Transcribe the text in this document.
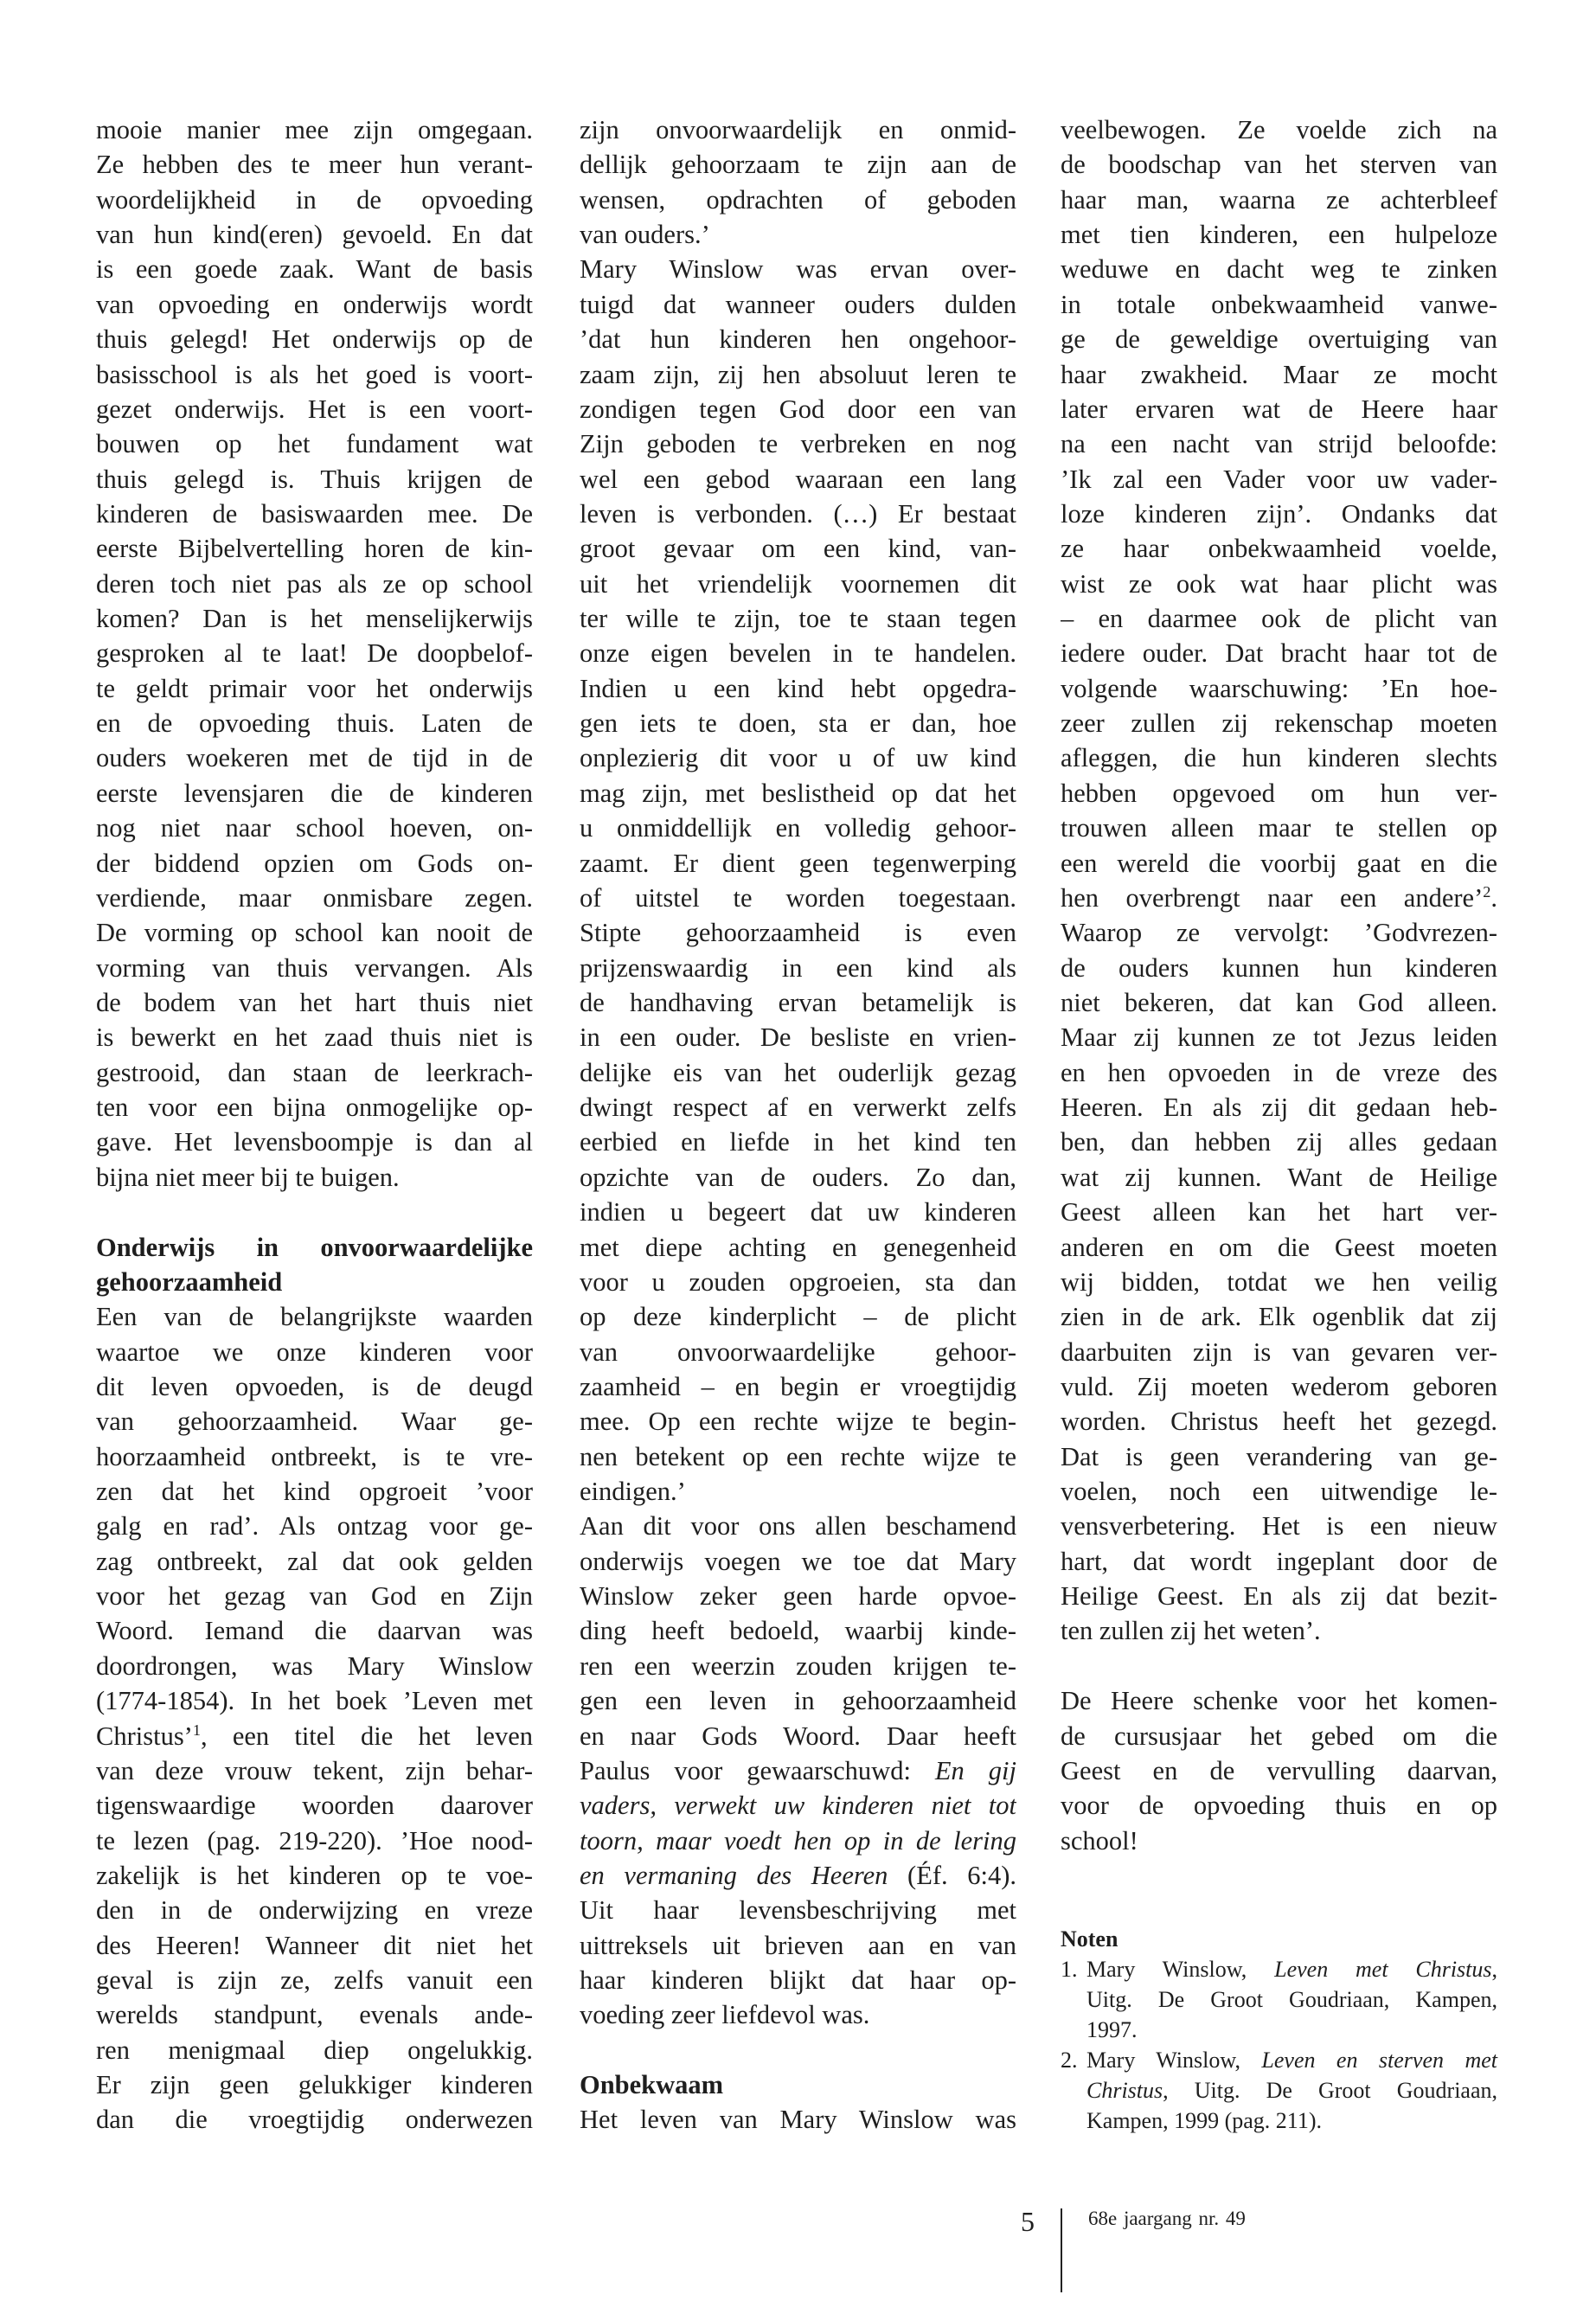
mooie manier mee zijn omgegaan.
Ze hebben des te meer hun verant-
woordelijkheid in de opvoeding
van hun kind(eren) gevoeld. En dat
is een goede zaak. Want de basis
van opvoeding en onderwijs wordt
thuis gelegd! Het onderwijs op de
basisschool is als het goed is voort-
gezet onderwijs. Het is een voort-
bouwen op het fundament wat
thuis gelegd is. Thuis krijgen de
kinderen de basiswaarden mee. De
eerste Bijbelvertelling horen de kin-
deren toch niet pas als ze op school
komen? Dan is het menselijkerwijs
gesproken al te laat! De doopbelof-
te geldt primair voor het onderwijs
en de opvoeding thuis. Laten de
ouders woekeren met de tijd in de
eerste levensjaren die de kinderen
nog niet naar school hoeven, on-
der biddend opzien om Gods on-
verdiende, maar onmisbare zegen.
De vorming op school kan nooit de
vorming van thuis vervangen. Als
de bodem van het hart thuis niet
is bewerkt en het zaad thuis niet is
gestrooid, dan staan de leerkrach-
ten voor een bijna onmogelijke op-
gave. Het levensboompje is dan al
bijna niet meer bij te buigen.
Onderwijs in onvoorwaardelijke
gehoorzaamheid
Een van de belangrijkste waarden
waartoe we onze kinderen voor
dit leven opvoeden, is de deugd
van gehoorzaamheid. Waar ge-
hoorzaamheid ontbreekt, is te vre-
zen dat het kind opgroeit ’voor
galg en rad’. Als ontzag voor ge-
zag ontbreekt, zal dat ook gelden
voor het gezag van God en Zijn
Woord. Iemand die daarvan was
doordrongen, was Mary Winslow
(1774-1854). In het boek ’Leven met
Christus’$^1$, een titel die het leven
van deze vrouw tekent, zijn behar-
tigenswaardige woorden daarover
te lezen (pag. 219-220). ’Hoe nood-
zakelijk is het kinderen op te voe-
den in de onderwijzing en vreze
des Heeren! Wanneer dit niet het
geval is zijn ze, zelfs vanuit een
werelds standpunt, evenals ande-
ren menigmaal diep ongelukkig.
Er zijn geen gelukkiger kinderen
dan die vroegtijdig onderwezen
zijn onvoorwaardelijk en onmid-
dellijk gehoorzaam te zijn aan de
wensen, opdrachten of geboden
van ouders.’
Mary Winslow was ervan over-
tuigd dat wanneer ouders dulden
’dat hun kinderen hen ongehoor-
zaam zijn, zij hen absoluut leren te
zondigen tegen God door een van
Zijn geboden te verbreken en nog
wel een gebod waaraan een lang
leven is verbonden. (…) Er bestaat
groot gevaar om een kind, van-
uit het vriendelijk voornemen dit
ter wille te zijn, toe te staan tegen
onze eigen bevelen in te handelen.
Indien u een kind hebt opgedra-
gen iets te doen, sta er dan, hoe
onplezierig dit voor u of uw kind
mag zijn, met beslistheid op dat het
u onmiddellijk en volledig gehoor-
zaamt. Er dient geen tegenwerping
of uitstel te worden toegestaan.
Stipte gehoorzaamheid is even
prijzenswaardig in een kind als
de handhaving ervan betamelijk is
in een ouder. De besliste en vrien-
delijke eis van het ouderlijk gezag
dwingt respect af en verwerkt zelfs
eerbied en liefde in het kind ten
opzichte van de ouders. Zo dan,
indien u begeert dat uw kinderen
met diepe achting en genegenheid
voor u zouden opgroeien, sta dan
op deze kinderplicht – de plicht
van onvoorwaardelijke gehoor-
zaamheid – en begin er vroegtijdig
mee. Op een rechte wijze te begin-
nen betekent op een rechte wijze te
eindigen.’
Aan dit voor ons allen beschamend
onderwijs voegen we toe dat Mary
Winslow zeker geen harde opvoe-
ding heeft bedoeld, waarbij kinde-
ren een weerzin zouden krijgen te-
gen een leven in gehoorzaamheid
en naar Gods Woord. Daar heeft
Paulus voor gewaarschuwd: En gij
vaders, verwekt uw kinderen niet tot
toorn, maar voedt hen op in de lering
en vermaning des Heeren (Éf. 6:4).
Uit haar levensbeschrijving met
uittreksels uit brieven aan en van
haar kinderen blijkt dat haar op-
voeding zeer liefdevol was.
Onbekwaam
Het leven van Mary Winslow was
veelbewogen. Ze voelde zich na
de boodschap van het sterven van
haar man, waarna ze achterbleef
met tien kinderen, een hulpeloze
weduwe en dacht weg te zinken
in totale onbekwaamheid vanwe-
ge de geweldige overtuiging van
haar zwakheid. Maar ze mocht
later ervaren wat de Heere haar
na een nacht van strijd beloofde:
’Ik zal een Vader voor uw vader-
loze kinderen zijn’. Ondanks dat
ze haar onbekwaamheid voelde,
wist ze ook wat haar plicht was
– en daarmee ook de plicht van
iedere ouder. Dat bracht haar tot de
volgende waarschuwing: ’En hoe-
zeer zullen zij rekenschap moeten
afleggen, die hun kinderen slechts
hebben opgevoed om hun ver-
trouwen alleen maar te stellen op
een wereld die voorbij gaat en die
hen overbrengt naar een andere’$^2$.
Waarop ze vervolgt: ’Godvrezen-
de ouders kunnen hun kinderen
niet bekeren, dat kan God alleen.
Maar zij kunnen ze tot Jezus leiden
en hen opvoeden in de vreze des
Heeren. En als zij dit gedaan heb-
ben, dan hebben zij alles gedaan
wat zij kunnen. Want de Heilige
Geest alleen kan het hart ver-
anderen en om die Geest moeten
wij bidden, totdat we hen veilig
zien in de ark. Elk ogenblik dat zij
daarbuiten zijn is van gevaren ver-
vuld. Zij moeten wederom geboren
worden. Christus heeft het gezegd.
Dat is geen verandering van ge-
voelen, noch een uitwendige le-
vensverbetering. Het is een nieuw
hart, dat wordt ingeplant door de
Heilige Geest. En als zij dat bezit-
ten zullen zij het weten’.
De Heere schenke voor het komen-
de cursusjaar het gebed om die
Geest en de vervulling daarvan,
voor de opvoeding thuis en op
school!
Noten
1. Mary Winslow, Leven met Christus,
Uitg. De Groot Goudriaan, Kampen,
1997.
2. Mary Winslow, Leven en sterven met
Christus, Uitg. De Groot Goudriaan,
Kampen, 1999 (pag. 211).
5	68e jaargang nr. 49
